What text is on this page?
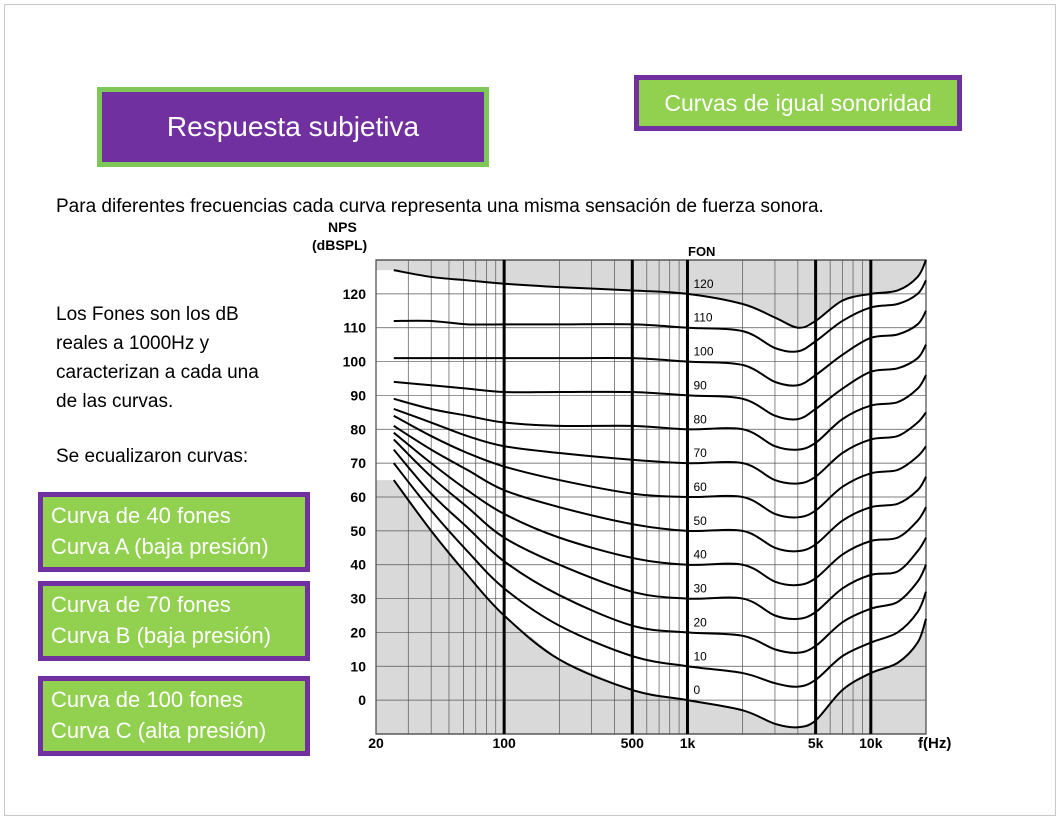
Respuesta subjetiva
Curvas de igual sonoridad
Para diferentes frecuencias cada curva representa una misma sensación de fuerza sonora.

Los Fones son los dB

reales a 1000Hz y

caracterizan a cada una

de las curvas.

Se ecualizaron curvas:
Curva de 40 fones
Curva A (baja presión)
Curva de 70 fones
Curva B (baja presión)
Curva de 100 fones
Curva C (alta presión)
0
10
20
30
40
50
60
70
80
90
100
110
120
20	100	500	1k	5k	10k
0
10
20
30
40
50
60
70
80
90
100
110
120
NPS
(dBSPL)
f(Hz)
FON
